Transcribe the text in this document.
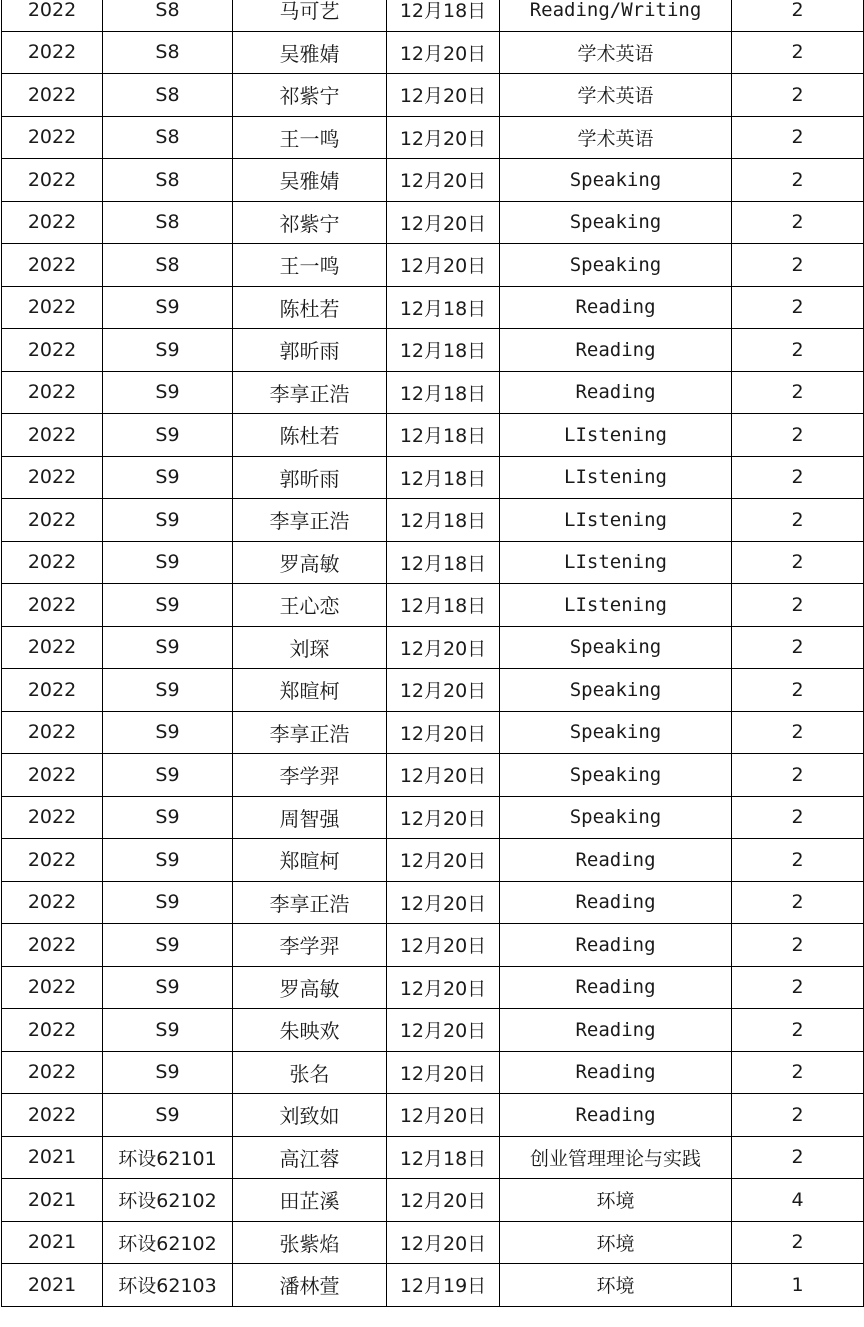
2022	S8	马可艺	12月18日	Reading/Writing	2
2022	S8	吴雅婧	12月20日	学术英语	2
2022	S8	祁紫宁	12月20日	学术英语	2
2022	S8	王一鸣	12月20日	学术英语	2
2022	S8	吴雅婧	12月20日	Speaking	2
2022	S8	祁紫宁	12月20日	Speaking	2
2022	S8	王一鸣	12月20日	Speaking	2
2022	S9	陈杜若	12月18日	Reading	2
2022	S9	郭昕雨	12月18日	Reading	2
2022	S9	李享正浩	12月18日	Reading	2
2022	S9	陈杜若	12月18日	LIstening	2
2022	S9	郭昕雨	12月18日	LIstening	2
2022	S9	李享正浩	12月18日	LIstening	2
2022	S9	罗高敏	12月18日	LIstening	2
2022	S9	王心恋	12月18日	LIstening	2
2022	S9	刘琛	12月20日	Speaking	2
2022	S9	郑暄柯	12月20日	Speaking	2
2022	S9	李享正浩	12月20日	Speaking	2
2022	S9	李学羿	12月20日	Speaking	2
2022	S9	周智强	12月20日	Speaking	2
2022	S9	郑暄柯	12月20日	Reading	2
2022	S9	李享正浩	12月20日	Reading	2
2022	S9	李学羿	12月20日	Reading	2
2022	S9	罗高敏	12月20日	Reading	2
2022	S9	朱映欢	12月20日	Reading	2
2022	S9	张名	12月20日	Reading	2
2022	S9	刘致如	12月20日	Reading	2
2021	环设62101	高江蓉	12月18日	创业管理理论与实践	2
2021	环设62102	田芷溪	12月20日	环境	4
2021	环设62102	张紫焰	12月20日	环境	2
2021	环设62103	潘林萱	12月19日	环境	1
